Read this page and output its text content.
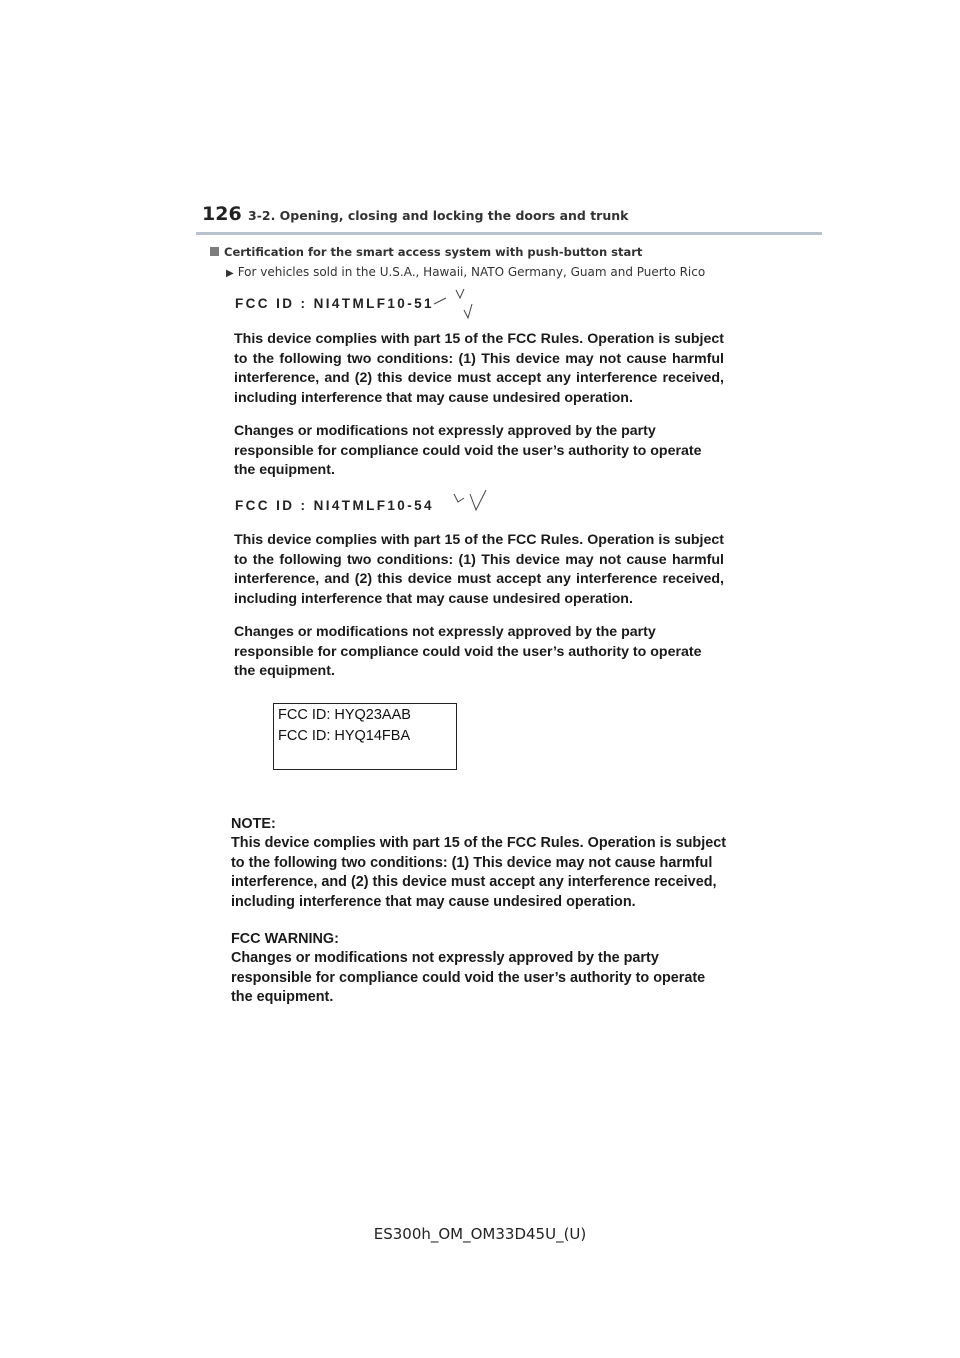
126 3-2. Opening, closing and locking the doors and trunk
Certification for the smart access system with push-button start
▶ For vehicles sold in the U.S.A., Hawaii, NATO Germany, Guam and Puerto Rico
FCC ID : NI4TMLF10-51
This device complies with part 15 of the FCC Rules. Operation is subject to the following two conditions: (1) This device may not cause harmful interference, and (2) this device must accept any interference received, including interference that may cause undesired operation.
Changes or modifications not expressly approved by the party responsible for compliance could void the user’s authority to operate the equipment.
FCC ID : NI4TMLF10-54
This device complies with part 15 of the FCC Rules. Operation is subject to the following two conditions: (1) This device may not cause harmful interference, and (2) this device must accept any interference received, including interference that may cause undesired operation.
Changes or modifications not expressly approved by the party responsible for compliance could void the user’s authority to operate the equipment.
FCC ID: HYQ23AAB
FCC ID: HYQ14FBA
NOTE:
This device complies with part 15 of the FCC Rules. Operation is subject to the following two conditions: (1) This device may not cause harmful interference, and (2) this device must accept any interference received, including interference that may cause undesired operation.
FCC WARNING:
Changes or modifications not expressly approved by the party responsible for compliance could void the user’s authority to operate the equipment.
ES300h_OM_OM33D45U_(U)
